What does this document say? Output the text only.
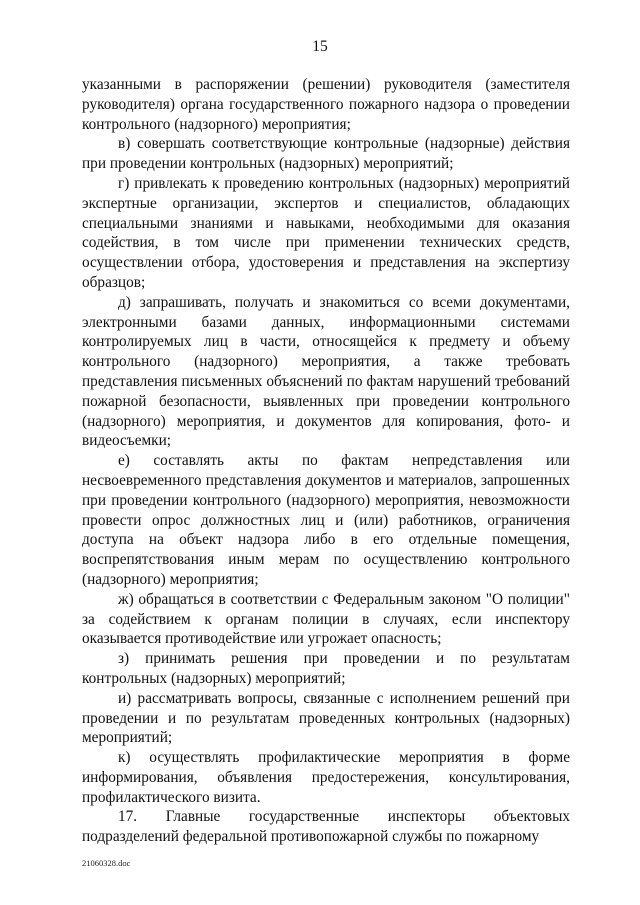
15

указанными в распоряжении (решении) руководителя (заместителя руководителя) органа государственного пожарного надзора о проведении контрольного (надзорного) мероприятия;

в) совершать соответствующие контрольные (надзорные) действия при проведении контрольных (надзорных) мероприятий;

г) привлекать к проведению контрольных (надзорных) мероприятий экспертные организации, экспертов и специалистов, обладающих специальными знаниями и навыками, необходимыми для оказания содействия, в том числе при применении технических средств, осуществлении отбора, удостоверения и представления на экспертизу образцов;

д) запрашивать, получать и знакомиться со всеми документами, электронными базами данных, информационными системами контролируемых лиц в части, относящейся к предмету и объему контрольного (надзорного) мероприятия, а также требовать представления письменных объяснений по фактам нарушений требований пожарной безопасности, выявленных при проведении контрольного (надзорного) мероприятия, и документов для копирования, фото- и видеосъемки;

е) составлять акты по фактам непредставления или несвоевременного представления документов и материалов, запрошенных при проведении контрольного (надзорного) мероприятия, невозможности провести опрос должностных лиц и (или) работников, ограничения доступа на объект надзора либо в его отдельные помещения, воспрепятствования иным мерам по осуществлению контрольного (надзорного) мероприятия;

ж) обращаться в соответствии с Федеральным законом "О полиции" за содействием к органам полиции в случаях, если инспектору оказывается противодействие или угрожает опасность;

з) принимать решения при проведении и по результатам контрольных (надзорных) мероприятий;

и) рассматривать вопросы, связанные с исполнением решений при проведении и по результатам проведенных контрольных (надзорных) мероприятий;

к) осуществлять профилактические мероприятия в форме информирования, объявления предостережения, консультирования, профилактического визита.

17. Главные государственные инспекторы объектовых подразделений федеральной противопожарной службы по пожарному

21060328.doc
